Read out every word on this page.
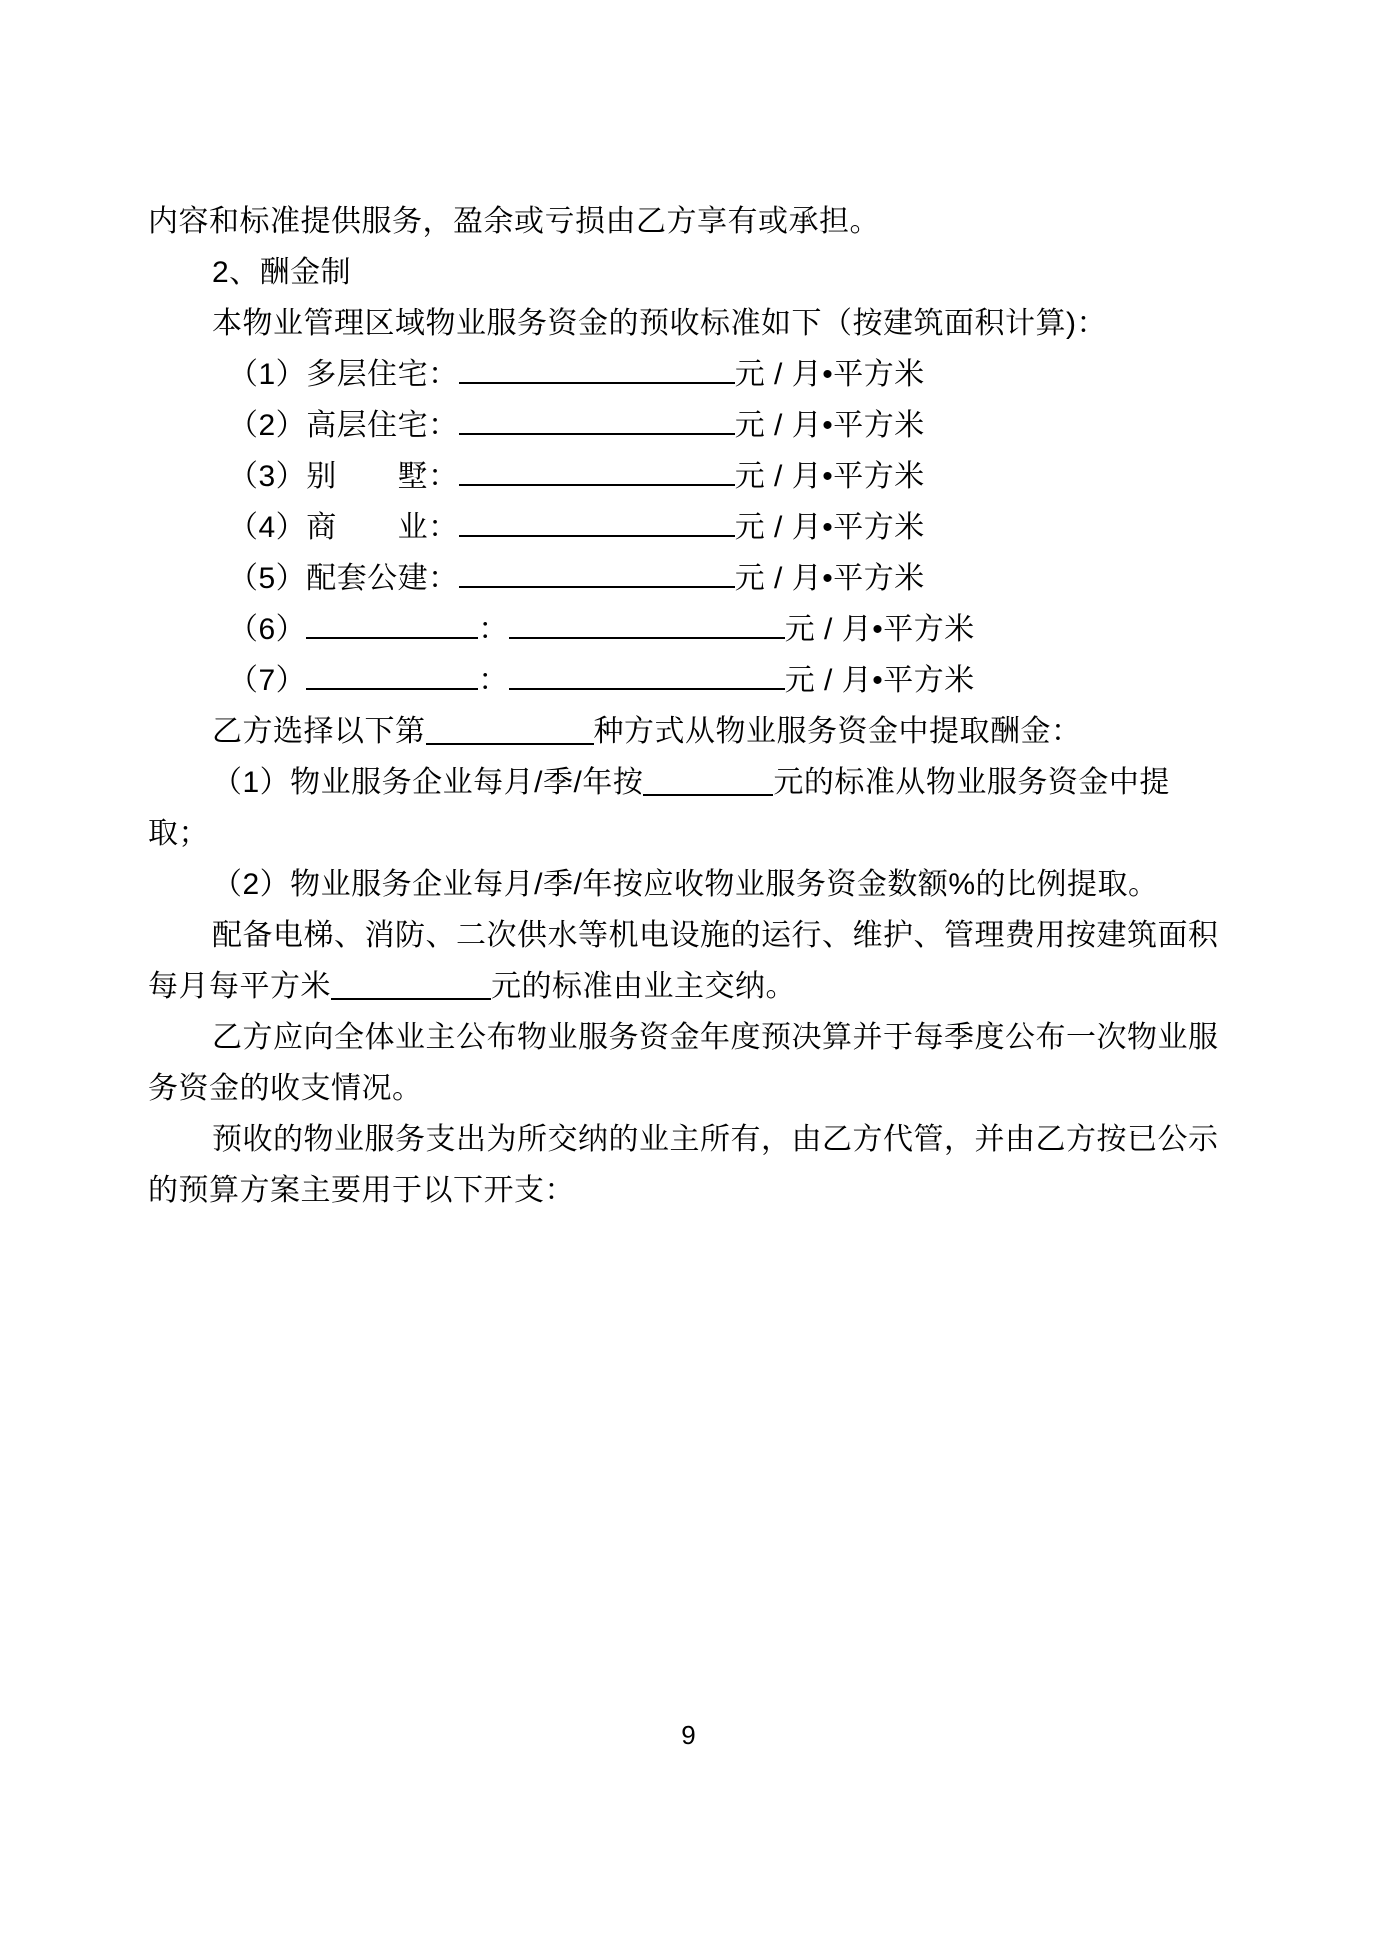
内容和标准提供服务，盈余或亏损由乙方享有或承担。

2、酬金制

本物业管理区域物业服务资金的预收标准如下（按建筑面积计算)：

（1） 多层住宅：	元 / 月•平方米
（2） 高层住宅：	元 / 月•平方米
（3） 别　　墅：	元 / 月•平方米
（4） 商　　业：	元 / 月•平方米
（5） 配套公建：	元 / 月•平方米
（6）	：	元 / 月•平方米
（7）	：	元 / 月•平方米

乙方选择以下第	种方式从物业服务资金中提取酬金：

（1）物业服务企业每月/季/年按	元的标准从物业服务资金中提取；

（2）物业服务企业每月/季/年按应收物业服务资金数额%的比例提取。

配备电梯、消防、二次供水等机电设施的运行、维护、管理费用按建筑面积每月每平方米	元的标准由业主交纳。

乙方应向全体业主公布物业服务资金年度预决算并于每季度公布一次物业服务资金的收支情况。

预收的物业服务支出为所交纳的业主所有，由乙方代管，并由乙方按已公示的预算方案主要用于以下开支：

9
